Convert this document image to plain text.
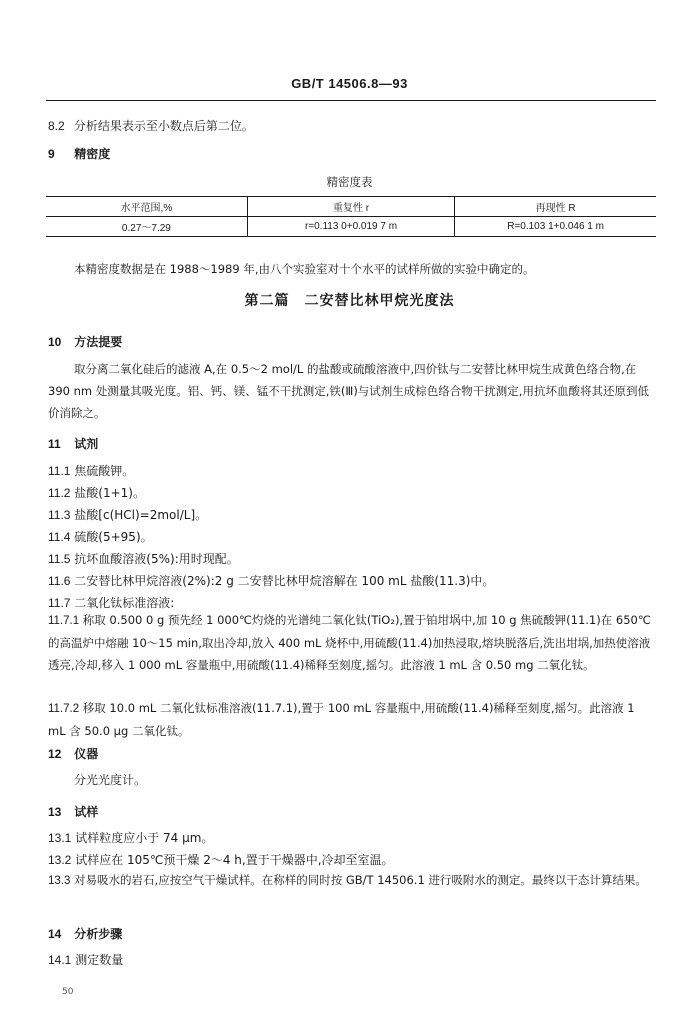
GB/T 14506.8—93
8.2 分析结果表示至小数点后第二位。
9 精密度
精密度表
水平范围,%	重复性 r	再现性 R
0.27～7.29	r=0.113 0+0.019 7 m	R=0.103 1+0.046 1 m
本精密度数据是在 1988～1989 年,由八个实验室对十个水平的试样所做的实验中确定的。
第二篇　二安替比林甲烷光度法
10 方法提要
取分离二氧化硅后的滤液 A,在 0.5～2 mol/L 的盐酸或硫酸溶液中,四价钛与二安替比林甲烷生成黄色络合物,在 390 nm 处测量其吸光度。铝、钙、镁、锰不干扰测定,铁(Ⅲ)与试剂生成棕色络合物干扰测定,用抗坏血酸将其还原到低价消除之。
11 试剂
11.1 焦硫酸钾。
11.2 盐酸(1+1)。
11.3 盐酸[c(HCl)=2mol/L]。
11.4 硫酸(5+95)。
11.5 抗坏血酸溶液(5%):用时现配。
11.6 二安替比林甲烷溶液(2%):2 g 二安替比林甲烷溶解在 100 mL 盐酸(11.3)中。
11.7 二氧化钛标准溶液:
11.7.1 称取 0.500 0 g 预先经 1 000℃灼烧的光谱纯二氧化钛(TiO₂),置于铂坩埚中,加 10 g 焦硫酸钾(11.1)在 650℃的高温炉中熔融 10～15 min,取出冷却,放入 400 mL 烧杯中,用硫酸(11.4)加热浸取,熔块脱落后,洗出坩埚,加热使溶液透亮,冷却,移入 1 000 mL 容量瓶中,用硫酸(11.4)稀释至刻度,摇匀。此溶液 1 mL 含 0.50 mg 二氧化钛。
11.7.2 移取 10.0 mL 二氧化钛标准溶液(11.7.1),置于 100 mL 容量瓶中,用硫酸(11.4)稀释至刻度,摇匀。此溶液 1 mL 含 50.0 μg 二氧化钛。
12 仪器
分光光度计。
13 试样
13.1 试样粒度应小于 74 μm。
13.2 试样应在 105℃预干燥 2～4 h,置于干燥器中,冷却至室温。
13.3 对易吸水的岩石,应按空气干燥试样。在称样的同时按 GB/T 14506.1 进行吸附水的测定。最终以干态计算结果。
14 分析步骤
14.1 测定数量
50
